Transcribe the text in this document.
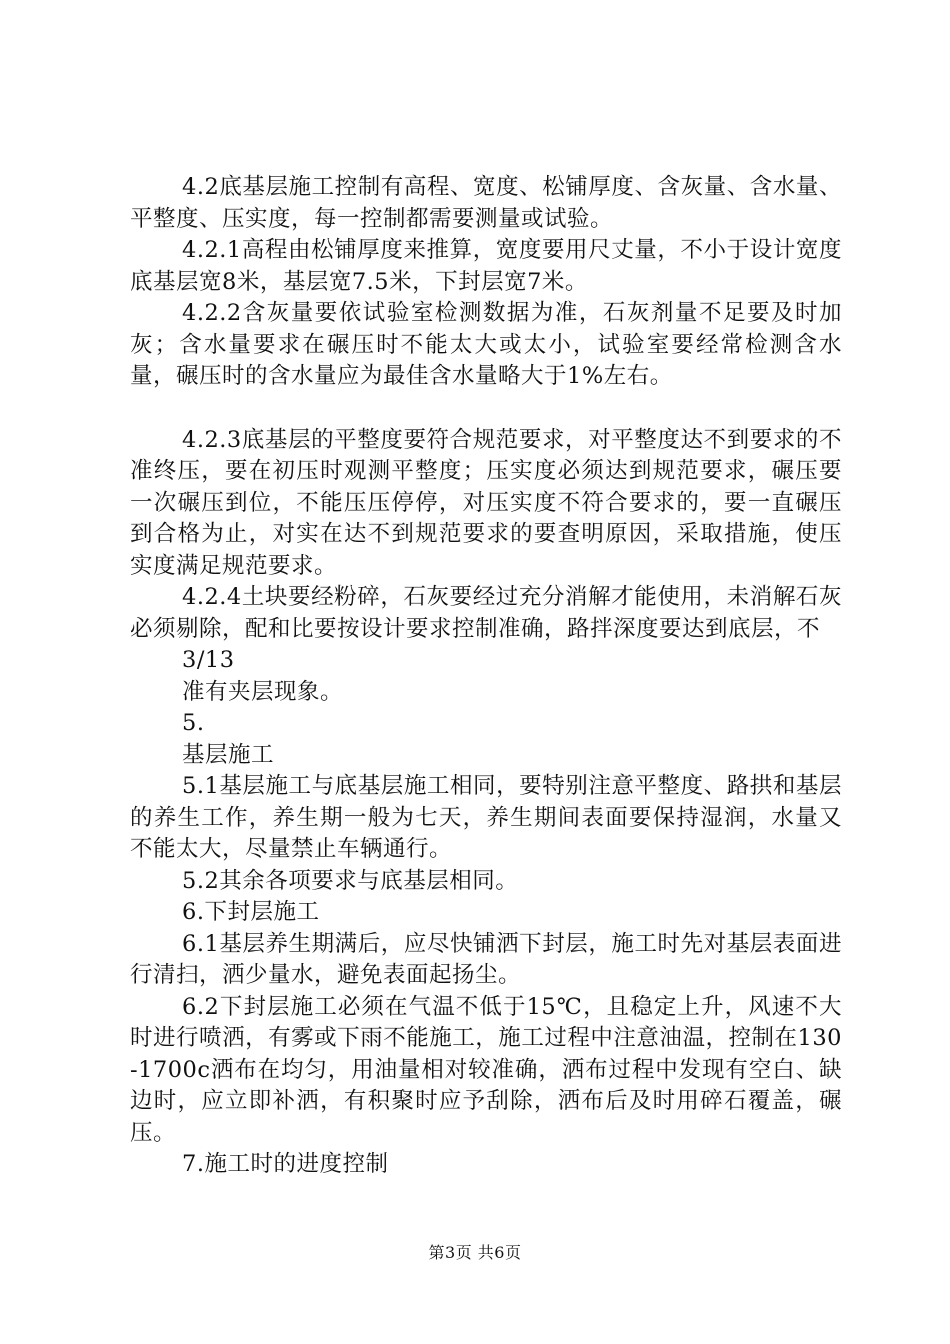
4.2底基层施工控制有高程、宽度、松铺厚度、含灰量、含水量、平整度、压实度，每一控制都需要测量或试验。

4.2.1高程由松铺厚度来推算，宽度要用尺丈量，不小于设计宽度底基层宽8米，基层宽7.5米，下封层宽7米。

4.2.2含灰量要依试验室检测数据为准，石灰剂量不足要及时加灰；含水量要求在碾压时不能太大或太小，试验室要经常检测含水量，碾压时的含水量应为最佳含水量略大于1%左右。

4.2.3底基层的平整度要符合规范要求，对平整度达不到要求的不准终压，要在初压时观测平整度；压实度必须达到规范要求，碾压要一次碾压到位，不能压压停停，对压实度不符合要求的，要一直碾压到合格为止，对实在达不到规范要求的要查明原因，采取措施，使压实度满足规范要求。

4.2.4土块要经粉碎，石灰要经过充分消解才能使用，未消解石灰必须剔除，配和比要按设计要求控制准确，路拌深度要达到底层，不

3/13

准有夹层现象。

5.

基层施工

5.1基层施工与底基层施工相同，要特别注意平整度、路拱和基层的养生工作，养生期一般为七天，养生期间表面要保持湿润，水量又不能太大，尽量禁止车辆通行。

5.2其余各项要求与底基层相同。

6.下封层施工

6.1基层养生期满后，应尽快铺洒下封层，施工时先对基层表面进行清扫，洒少量水，避免表面起扬尘。

6.2下封层施工必须在气温不低于15℃，且稳定上升，风速不大时进行喷洒，有雾或下雨不能施工，施工过程中注意油温，控制在130-1700c洒布在均匀，用油量相对较准确，洒布过程中发现有空白、缺边时，应立即补洒，有积聚时应予刮除，洒布后及时用碎石覆盖，碾压。

7.施工时的进度控制

第3页 共6页
